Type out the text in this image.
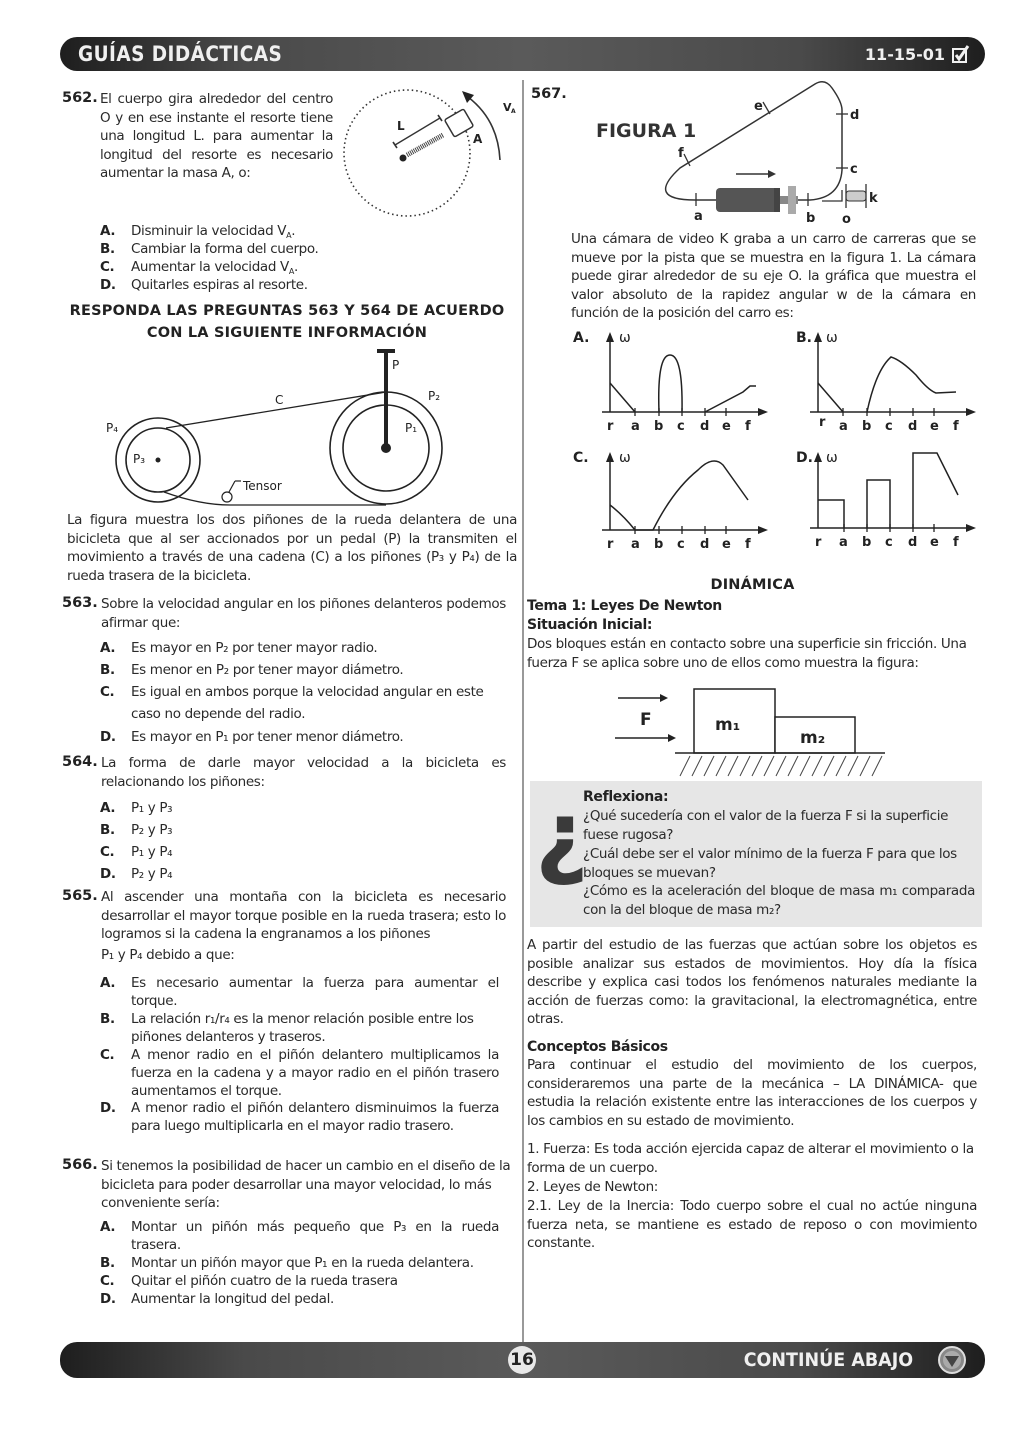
GUÍAS DIDÁCTICAS	11-15-01
562. El cuerpo gira alrededor del centro O y en ese instante el resorte tiene una longitud L. para aumentar la longitud del resorte es necesario aumentar la masa A, o:
L
A
V A
A. Disminuir la velocidad $V_A$.
B. Cambiar la forma del cuerpo.
C. Aumentar la velocidad $V_A$.
D. Quitarles espiras al resorte.
RESPONDA LAS PREGUNTAS 563 Y 564 DE ACUERDO
CON LA SIGUIENTE INFORMACIÓN
P
C	P₂
P₁
P₄
P₃
Tensor
La figura muestra los dos piñones de la rueda delantera de una bicicleta que al ser accionados por un pedal (P) la transmiten el movimiento a través de una cadena (C) a los piñones (P₃ y P₄) de la rueda trasera de la bicicleta.
563. Sobre la velocidad angular en los piñones delanteros podemos afirmar que:
A. Es mayor en P₂ por tener mayor radio.
B. Es menor en P₂ por tener mayor diámetro.
C. Es igual en ambos porque la velocidad angular en este
caso no depende del radio.
D. Es mayor en P₁ por tener menor diámetro.
564. La forma de darle mayor velocidad a la bicicleta es relacionando los piñones:
A. P₁ y P₃
B. P₂ y P₃
C. P₁ y P₄
D. P₂ y P₄
565. Al ascender una montaña con la bicicleta es necesario desarrollar el mayor torque posible en la rueda trasera; esto lo logramos si la cadena la engranamos a los piñones
P₁ y P₄ debido a que:
A. Es necesario aumentar la fuerza para aumentar el torque.
B. La relación r₁/r₄ es la menor relación posible entre los piñones delanteros y traseros.
C. A menor radio en el piñón delantero multiplicamos la fuerza en la cadena y a mayor radio en el piñón trasero aumentamos el torque.
D. A menor radio el piñón delantero disminuimos la fuerza para luego multiplicarla en el mayor radio trasero.
566. Si tenemos la posibilidad de hacer un cambio en el diseño de la bicicleta para poder desarrollar una mayor velocidad, lo más conveniente sería:
A. Montar un piñón más pequeño que P₃ en la rueda trasera.
B. Montar un piñón mayor que P₁ en la rueda delantera.
C. Quitar el piñón cuatro de la rueda trasera
D. Aumentar la longitud del pedal.
567.
FIGURA 1
a	b
c
d
e
f
o
k
Una cámara de video K graba a un carro de carreras que se mueve por la pista que se muestra en la figura 1. La cámara puede girar alrededor de su eje O. la gráfica que muestra el valor absoluto de la rapidez angular w de la cámara en función de la posición del carro es:
A. ω
r a b c d e f
B. ω
r a b c d e f
C. ω
r a b c d e f
D. ω
r a b c d e f
DINÁMICA
Tema 1: Leyes De Newton
Situación Inicial:
Dos bloques están en contacto sobre una superficie sin fricción. Una fuerza F se aplica sobre uno de ellos como muestra la figura:
F	m₁
m₂
¿
Reflexiona:
¿Qué sucedería con el valor de la fuerza F si la superficie fuese rugosa?
¿Cuál debe ser el valor mínimo de la fuerza F para que los bloques se muevan?
¿Cómo es la aceleración del bloque de masa m₁ comparada con la del bloque de masa m₂?
A partir del estudio de las fuerzas que actúan sobre los objetos es posible analizar sus estados de movimientos. Hoy día la física describe y explica casi todos los fenómenos naturales mediante la acción de fuerzas como: la gravitacional, la electromagnética, entre otras.
Conceptos Básicos
Para continuar el estudio del movimiento de los cuerpos, consideraremos una parte de la mecánica – LA DINÁMICA- que estudia la relación existente entre las interacciones de los cuerpos y los cambios en su estado de movimiento.
1. Fuerza: Es toda acción ejercida capaz de alterar el movimiento o la forma de un cuerpo.
2. Leyes de Newton:
2.1. Ley de la Inercia: Todo cuerpo sobre el cual no actúe ninguna fuerza neta, se mantiene es estado de reposo o con movimiento constante.
16	CONTINÚE ABAJO
